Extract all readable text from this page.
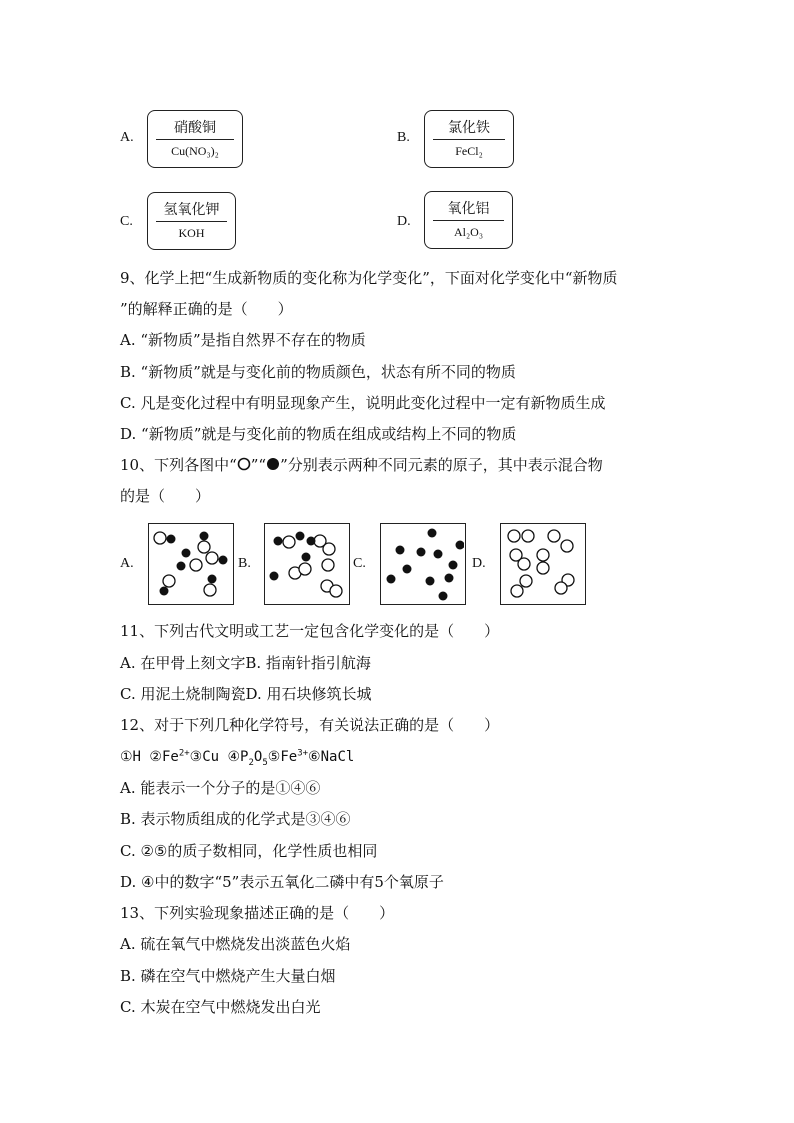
A.
硝酸铜
Cu(NO₃)₂
B.
氯化铁
FeCl₂
C.
氢氧化钾
KOH
D.
氧化铝
Al₂O₃
9、化学上把“生成新物质的变化称为化学变化”，下面对化学变化中“新物质
”的解释正确的是（　　）
A. “新物质”是指自然界不存在的物质
B. “新物质”就是与变化前的物质颜色，状态有所不同的物质
C. 凡是变化过程中有明显现象产生，说明此变化过程中一定有新物质生成
D. “新物质”就是与变化前的物质在组成或结构上不同的物质
10、下列各图中“ ”“ ”分别表示两种不同元素的原子，其中表示混合物
的是（　　）
A.	B.	C.	D.
11、下列古代文明或工艺一定包含化学变化的是（　　）
A. 在甲骨上刻文字B. 指南针指引航海
C. 用泥土烧制陶瓷D. 用石块修筑长城
12、对于下列几种化学符号，有关说法正确的是（　　）
①H $②Fe^{2+}③Cu$ $④P_2O_5⑤Fe^{3+}⑥NaCl$
A. 能表示一个分子的是①④⑥
B. 表示物质组成的化学式是③④⑥
C. ②⑤的质子数相同，化学性质也相同
D. ④中的数字“5”表示五氧化二磷中有5个氧原子
13、下列实验现象描述正确的是（　　）
A. 硫在氧气中燃烧发出淡蓝色火焰
B. 磷在空气中燃烧产生大量白烟
C. 木炭在空气中燃烧发出白光
